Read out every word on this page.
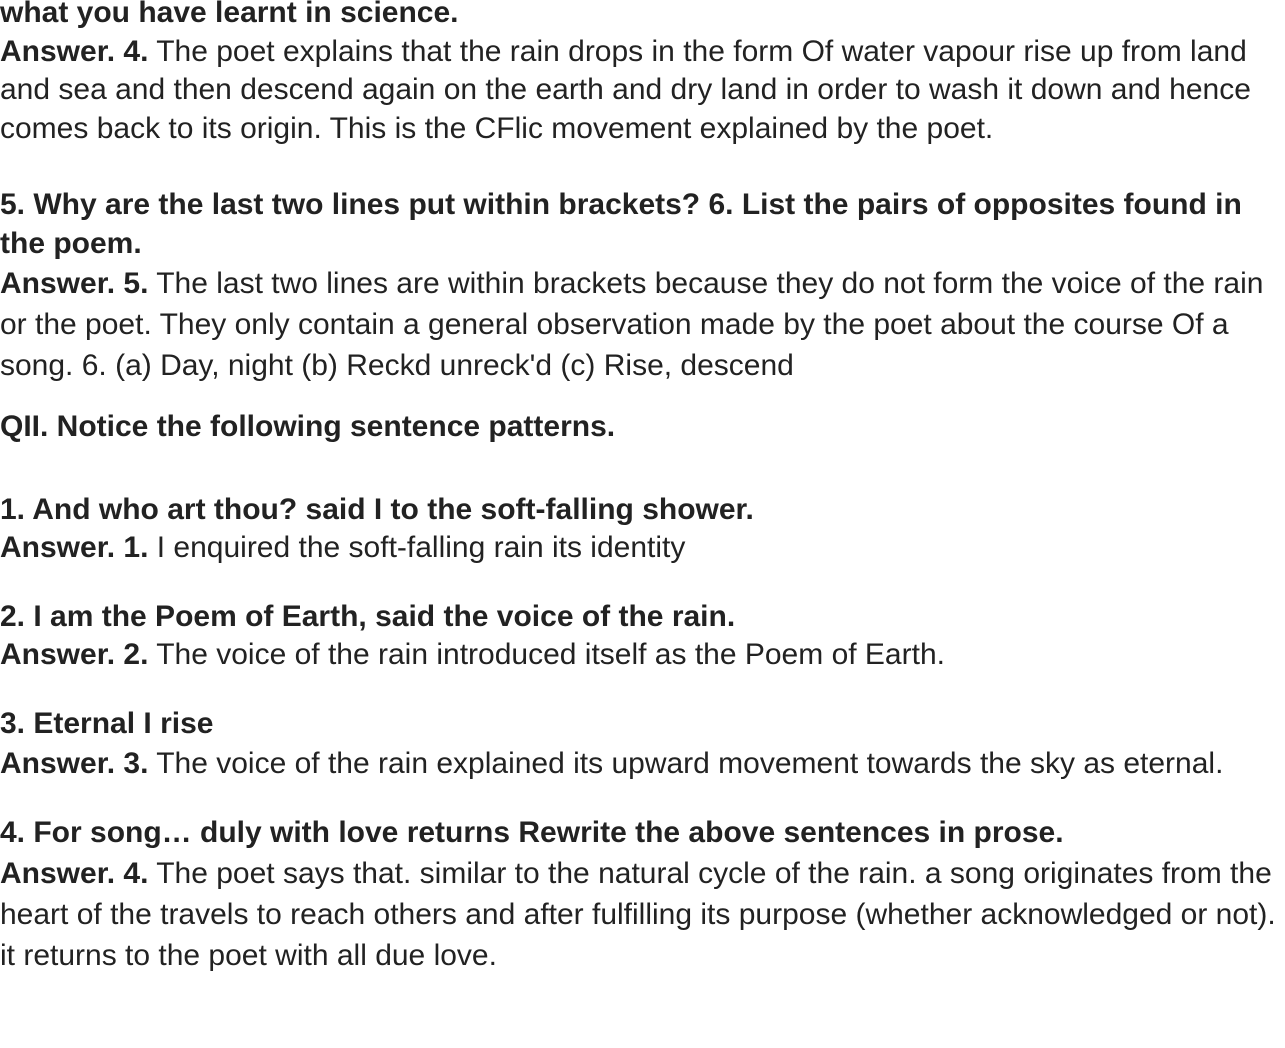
what you have learnt in science.

Answer. 4. The poet explains that the rain drops in the form Of water vapour rise up from land and sea and then descend again on the earth and dry land in order to wash it down and hence comes back to its origin. This is the CFlic movement explained by the poet.

5. Why are the last two lines put within brackets? 6. List the pairs of opposites found in the poem.

Answer. 5. The last two lines are within brackets because they do not form the voice of the rain or the poet. They only contain a general observation made by the poet about the course Of a song. 6. (a) Day, night (b) Reckd unreck'd (c) Rise, descend

QII. Notice the following sentence patterns.

1. And who art thou? said I to the soft-falling shower.

Answer. 1. I enquired the soft-falling rain its identity

2. I am the Poem of Earth, said the voice of the rain.

Answer. 2. The voice of the rain introduced itself as the Poem of Earth.

3. Eternal I rise

Answer. 3. The voice of the rain explained its upward movement towards the sky as eternal.

4. For song… duly with love returns Rewrite the above sentences in prose.

Answer. 4. The poet says that. similar to the natural cycle of the rain. a song originates from the heart of the travels to reach others and after fulfilling its purpose (whether acknowledged or not). it returns to the poet with all due love.
